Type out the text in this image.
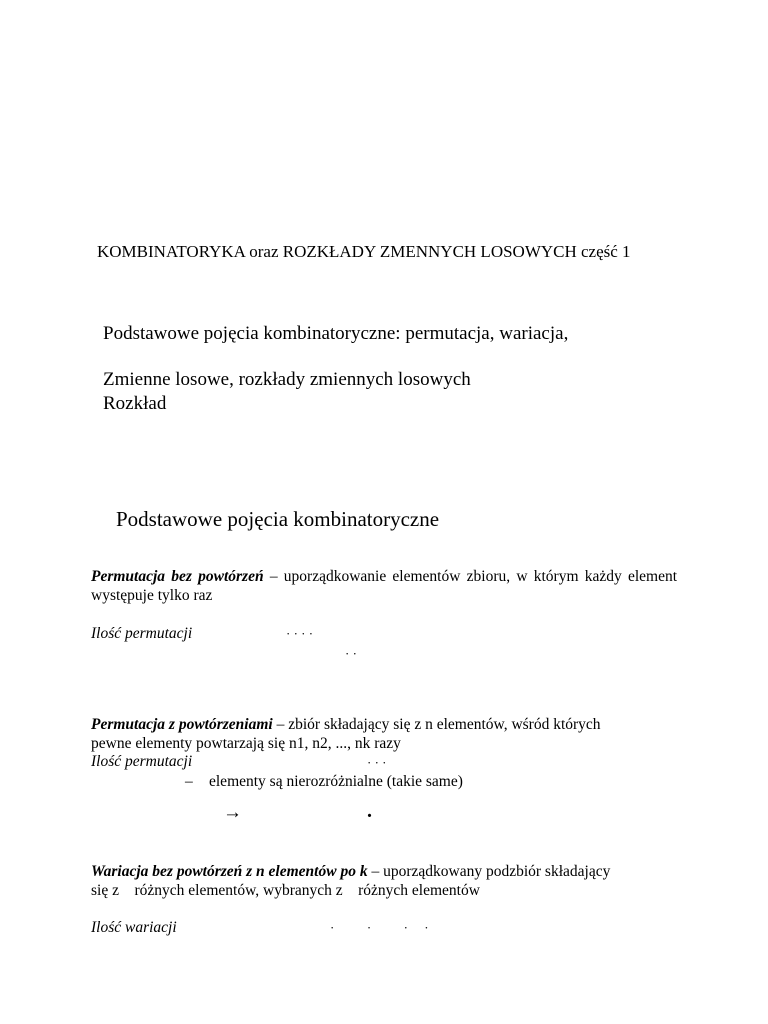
KOMBINATORYKA oraz ROZKŁADY ZMENNYCH LOSOWYCH część 1
Podstawowe pojęcia kombinatoryczne: permutacja, wariacja,
Zmienne losowe, rozkłady zmiennych losowych
Rozkład
Podstawowe pojęcia kombinatoryczne
Permutacja bez powtórzeń – uporządkowanie elementów zbioru, w którym każdy element występuje tylko raz
Ilość permutacji	· · · ·
· ·
Permutacja z powtórzeniami – zbiór składający się z n elementów, wśród których
pewne elementy powtarzają się n1, n2, ..., nk razy
Ilość permutacji	· · ·
– elementy są nierozróżnialne (takie same)
→	.
Wariacja bez powtórzeń z n elementów po k – uporządkowany podzbiór składający
się z    różnych elementów, wybranych z    różnych elementów
Ilość wariacji	·          ·          ·     ·
